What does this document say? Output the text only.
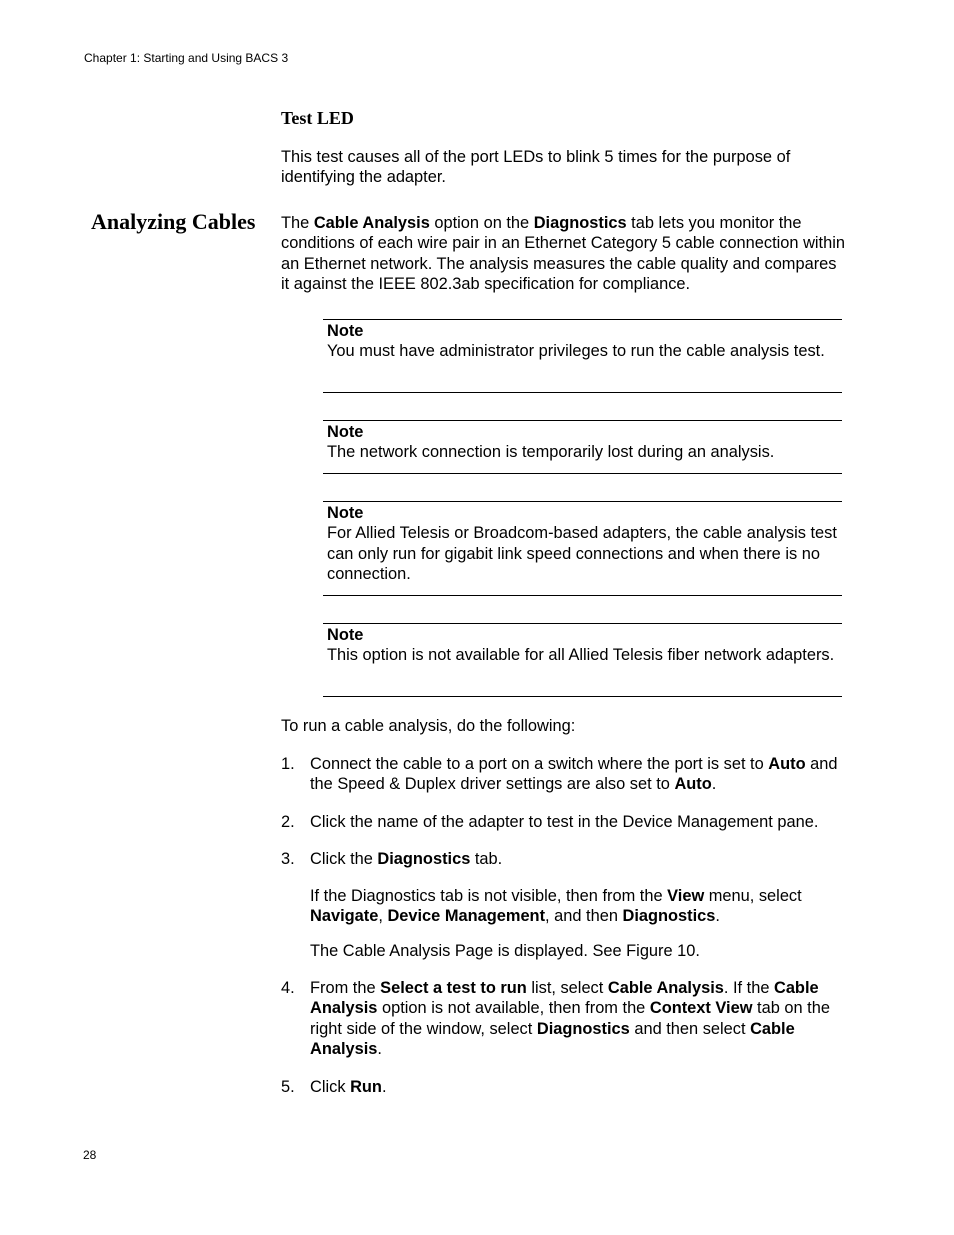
Chapter 1: Starting and Using BACS 3
Test LED
This test causes all of the port LEDs to blink 5 times for the purpose of identifying the adapter.
Analyzing Cables The Cable Analysis option on the Diagnostics tab lets you monitor the conditions of each wire pair in an Ethernet Category 5 cable connection within an Ethernet network. The analysis measures the cable quality and compares it against the IEEE 802.3ab specification for compliance.
Note
You must have administrator privileges to run the cable analysis test.
Note
The network connection is temporarily lost during an analysis.
Note
For Allied Telesis or Broadcom-based adapters, the cable analysis test can only run for gigabit link speed connections and when there is no connection.
Note
This option is not available for all Allied Telesis fiber network adapters.
To run a cable analysis, do the following:
1. Connect the cable to a port on a switch where the port is set to Auto and the Speed & Duplex driver settings are also set to Auto.
2. Click the name of the adapter to test in the Device Management pane.
3. Click the Diagnostics tab.
If the Diagnostics tab is not visible, then from the View menu, select Navigate, Device Management, and then Diagnostics.
The Cable Analysis Page is displayed. See Figure 10.
4. From the Select a test to run list, select Cable Analysis. If the Cable Analysis option is not available, then from the Context View tab on the right side of the window, select Diagnostics and then select Cable Analysis.
5. Click Run.
28
